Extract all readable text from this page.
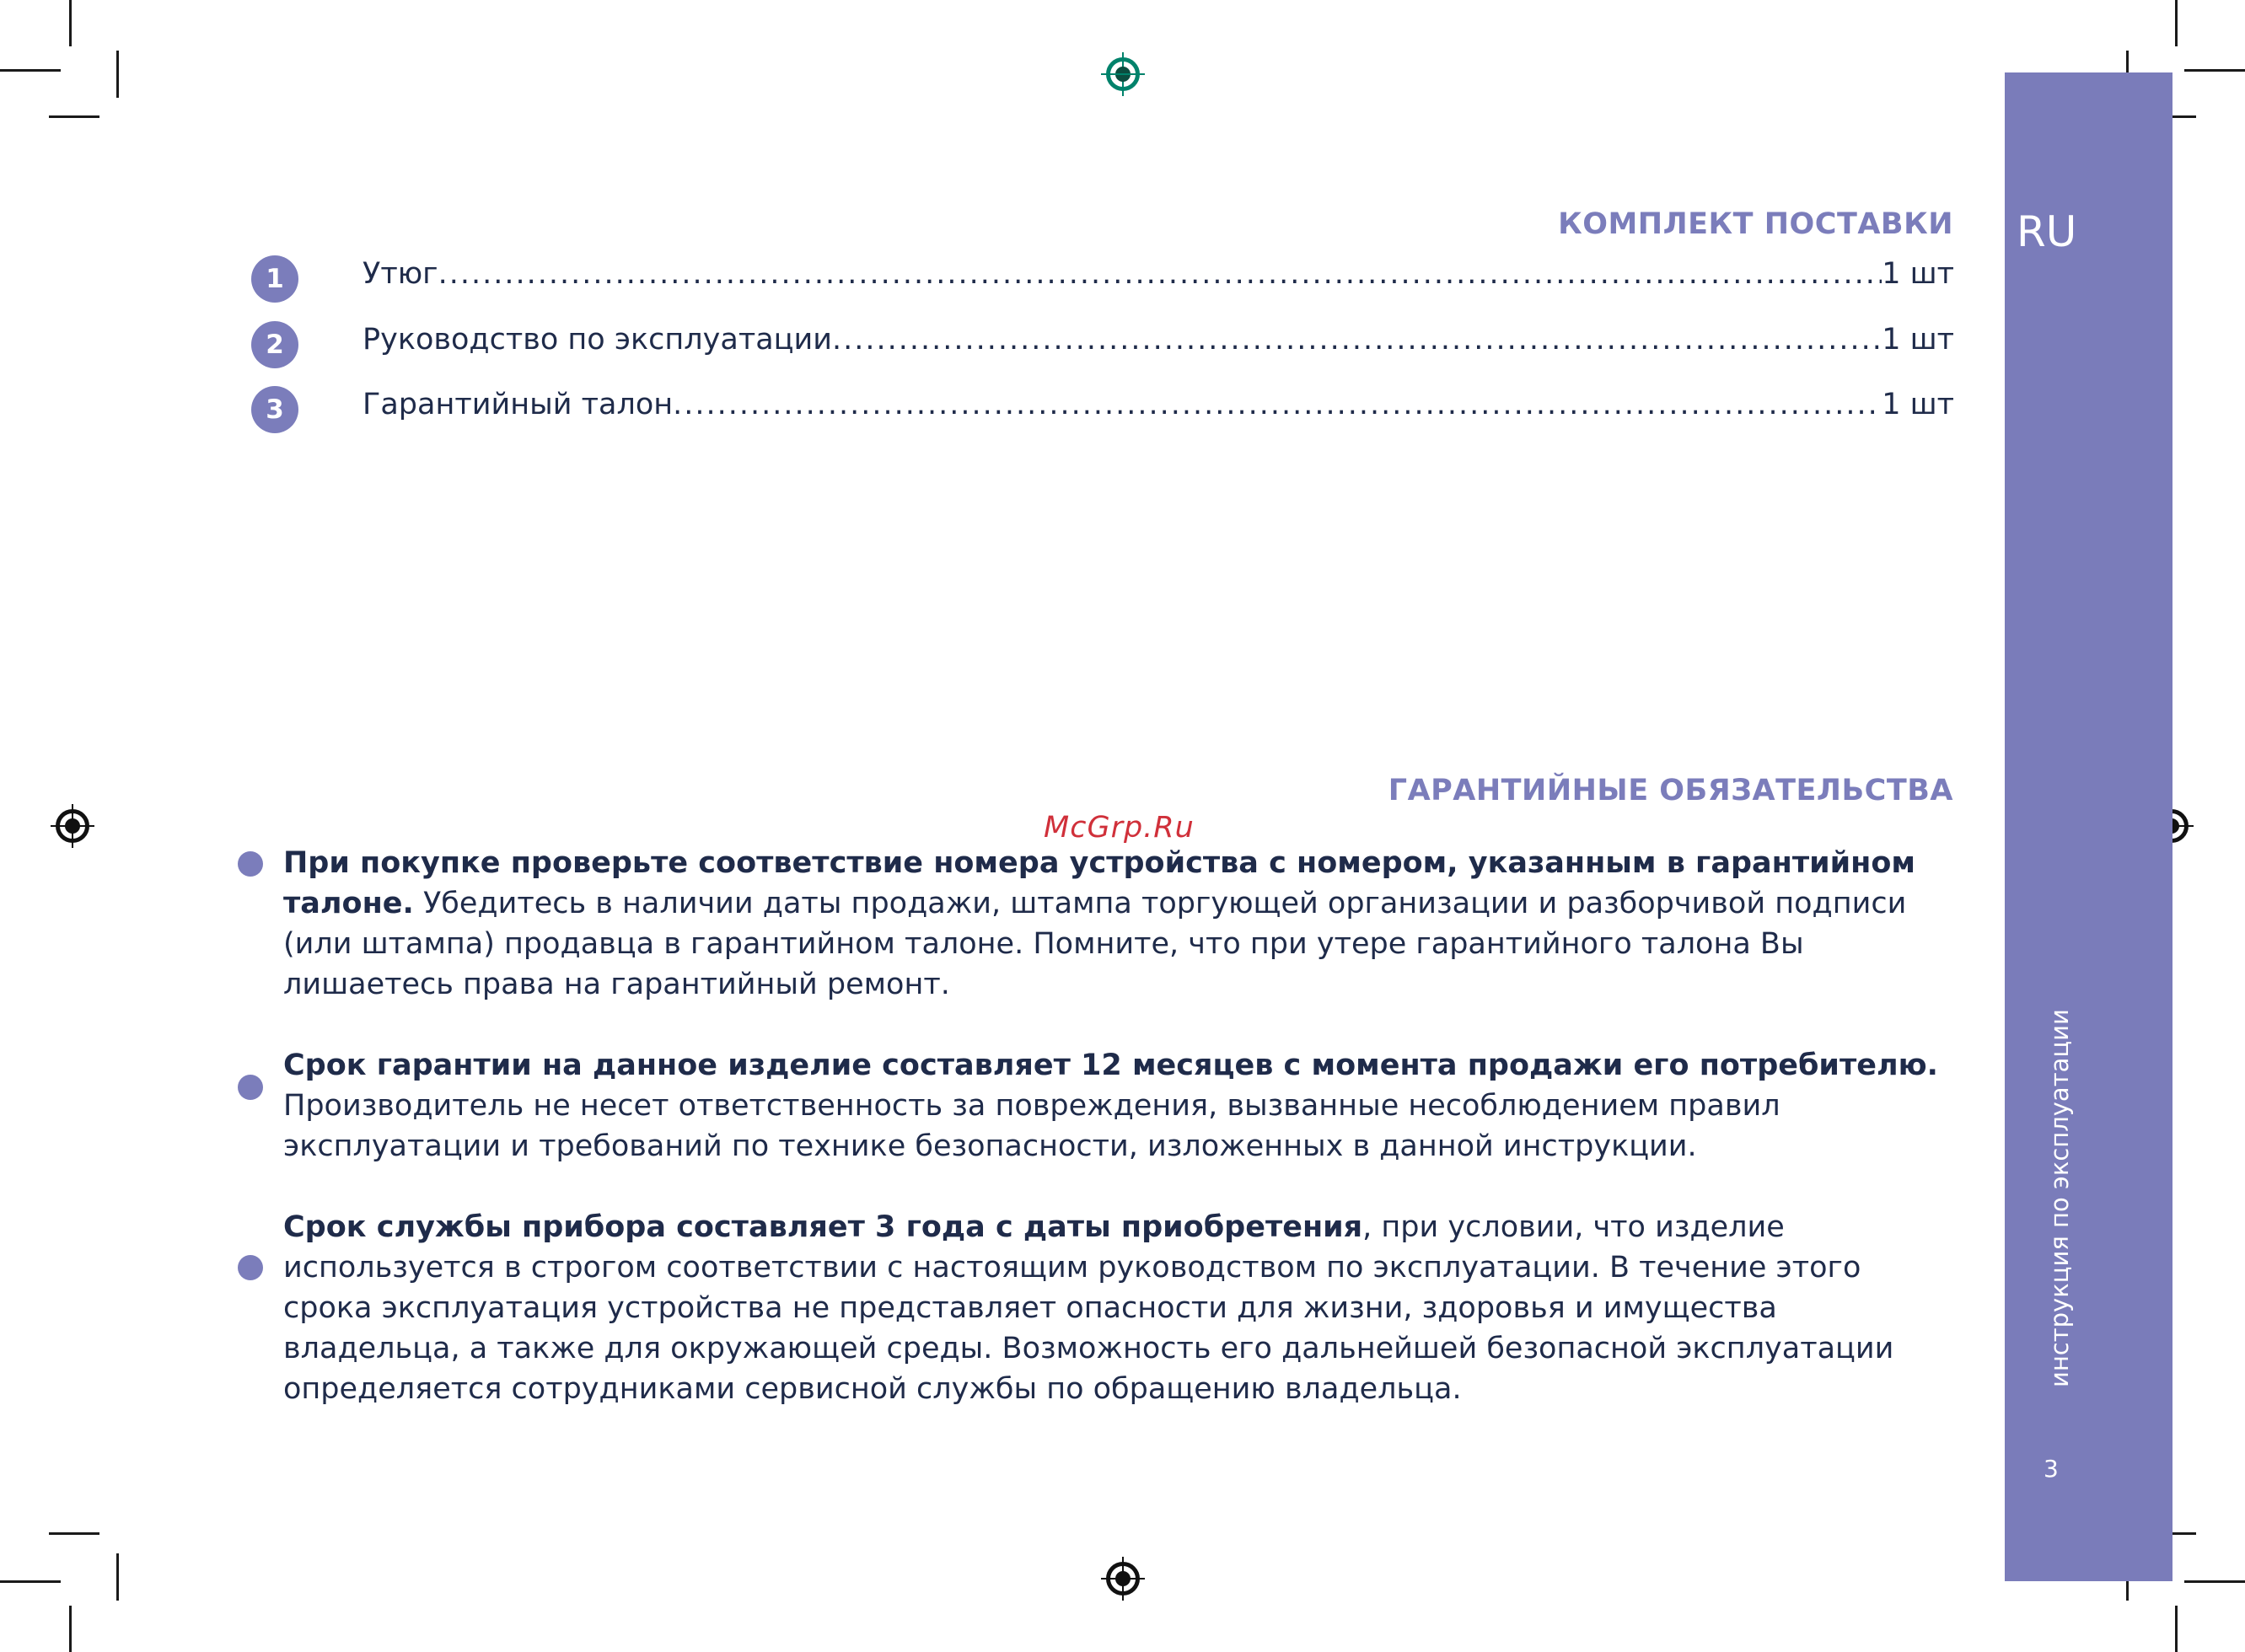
RU
инструкция по эксплуатации
3
КОМПЛЕКТ ПОСТАВКИ
1	Утюг .....	1 шт
2	Руководство по эксплуатации .....	1 шт
3	Гарантийный талон .....	1 шт
ГАРАНТИЙНЫЕ ОБЯЗАТЕЛЬСТВА
McGrp.Ru
При покупке проверьте соответствие номера устройства с номером, указанным в гарантийном талоне. Убедитесь в наличии даты продажи, штампа торгующей организации и разборчивой подписи (или штампа) продавца в гарантийном талоне. Помните, что при утере гарантийного талона Вы лишаетесь права на гарантийный ремонт.
Срок гарантии на данное изделие составляет 12 месяцев с момента продажи его потребителю. Производитель не несет ответственность за повреждения, вызванные несоблюдением правил эксплуатации и требований по технике безопасности, изложенных в данной инструкции.
Срок службы прибора составляет 3 года с даты приобретения, при условии, что изделие используется в строгом соответствии с настоящим руководством по эксплуатации. В течение этого срока эксплуатация устройства не представляет опасности для жизни, здоровья и имущества владельца, а также для окружающей среды. Возможность его дальнейшей безопасной эксплуатации определяется сотрудниками сервисной службы по обращению владельца.
